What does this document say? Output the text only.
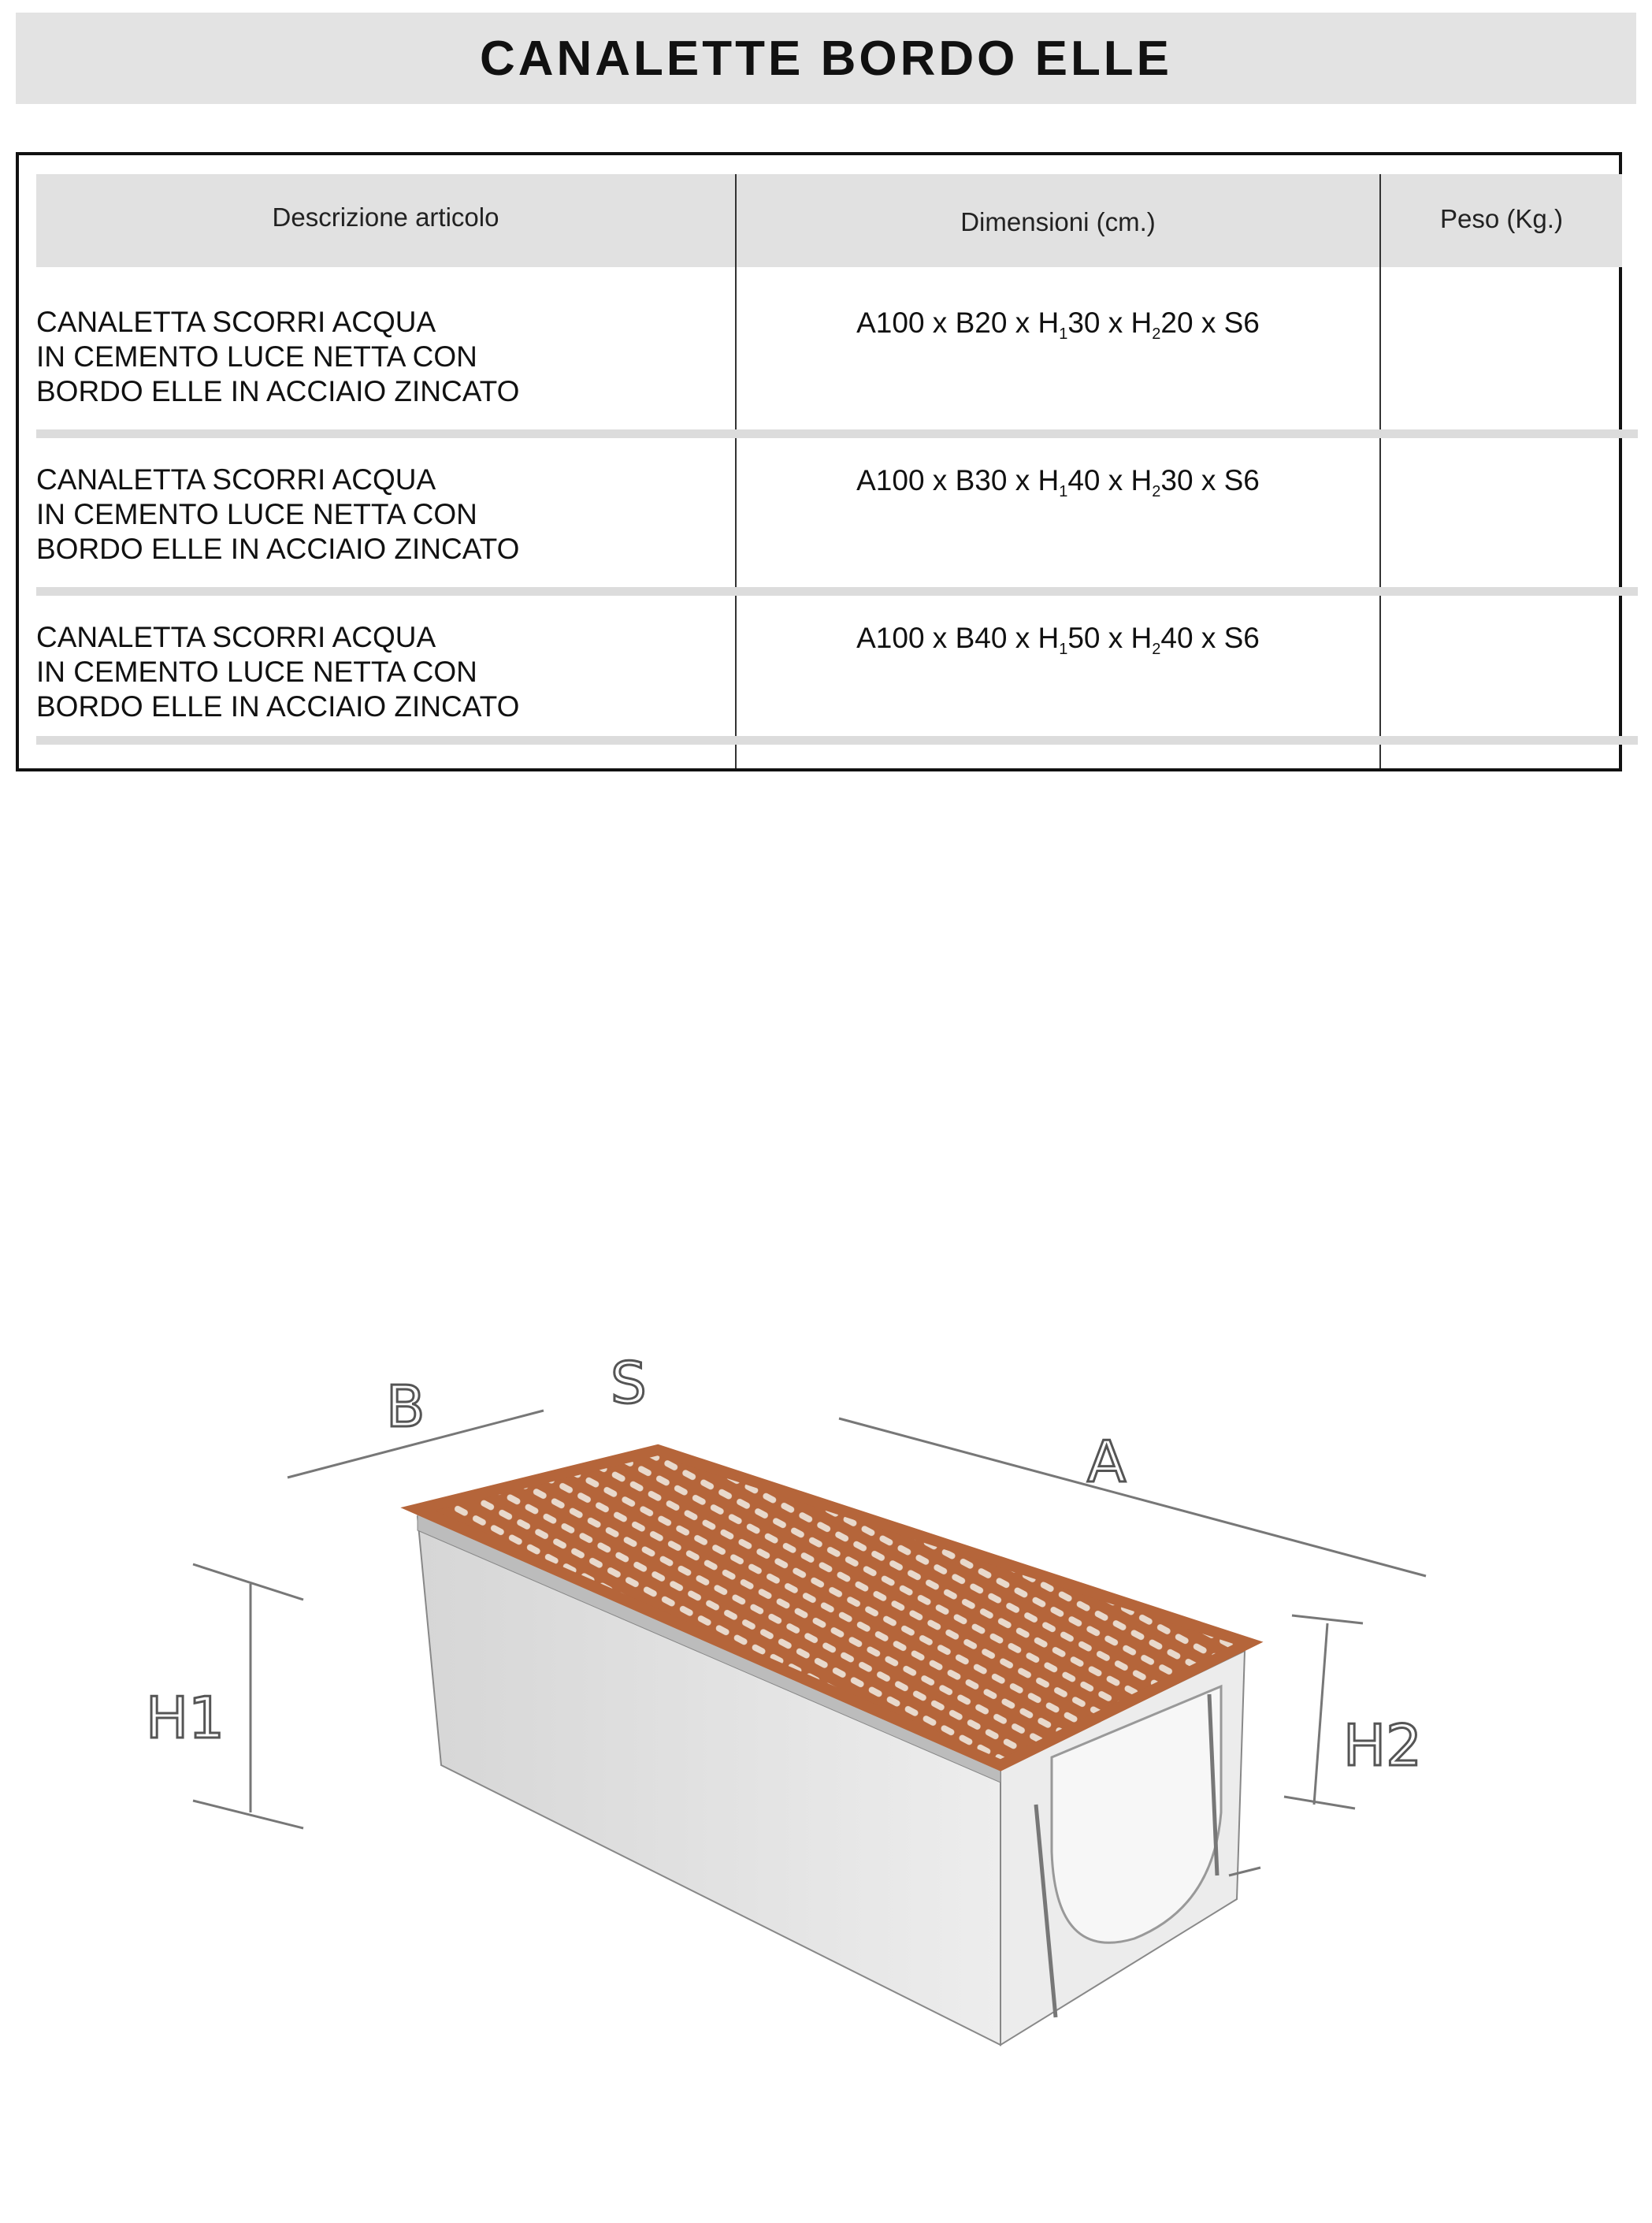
CANALETTE BORDO ELLE
Descrizione articolo	Dimensioni (cm.)	Peso (Kg.)
CANALETTA SCORRI ACQUA
IN CEMENTO LUCE NETTA CON
BORDO ELLE IN ACCIAIO ZINCATO
A100 x B20 x $H_130$ x $H_220$ x S6
CANALETTA SCORRI ACQUA
IN CEMENTO LUCE NETTA CON
BORDO ELLE IN ACCIAIO ZINCATO
A100 x B30 x $H_140$ x $H_230$ x S6
CANALETTA SCORRI ACQUA
IN CEMENTO LUCE NETTA CON
BORDO ELLE IN ACCIAIO ZINCATO
A100 x B40 x $H_150$ x $H_240$ x S6
B	S
A
H1	H2
